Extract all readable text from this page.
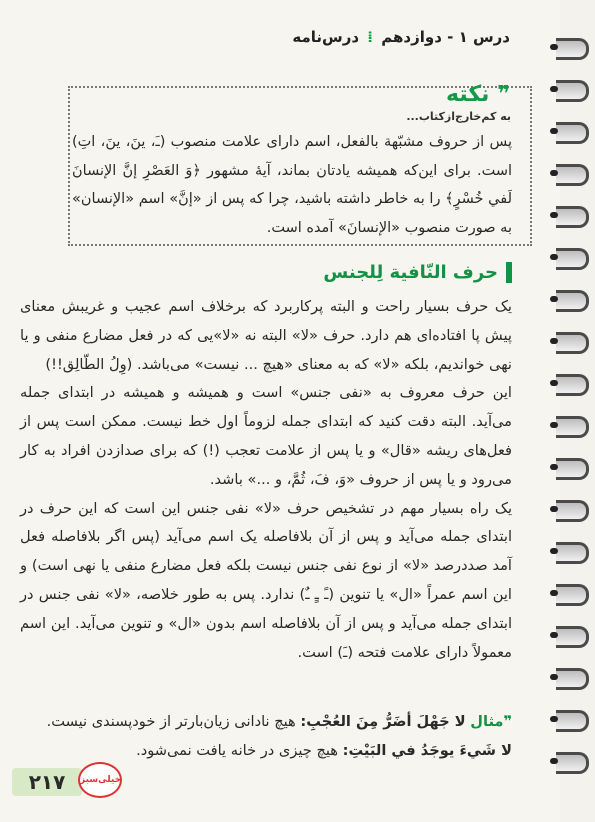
درس ۱ - دوازدهم ⁞ درس‌نامه
❞ نکته
به کم‌خارج‌ازکتاب...
پس از حروف مشبّهة بالفعل، اسم دارای علامت منصوب (ـَ، ينَ، ينَ، اتِ) است. برای این‌که همیشه یادتان بماند، آیهٔ مشهور ﴿وَ العَصْرِ إنَّ الإنسانَ لَفي خُسْرٍ﴾ را به خاطر داشته باشید، چرا که پس از «إنَّ» اسم «الإنسان» به صورت منصوب «الإنسانَ» آمده است.
حرف النّافية لِلجنس

یک حرف بسیار راحت و البته پرکاربرد که برخلاف اسم عجیب و غریبش معنای پیش پا افتاده‌ای هم دارد. حرف «لا» البته نه «لا»یی که در فعل مضارع منفی و یا نهی خواندیم، بلکه «لا» که به معنای «هیچ ... نیست» می‌باشد. (وِلُ الطّالِق!!)

این حرف معروف به «نفی جنس» است و همیشه و همیشه در ابتدای جمله می‌آید. البته دقت کنید که ابتدای جمله لزوماً اول خط نیست. ممکن است پس از فعل‌های ریشه «قال» و یا پس از علامت تعجب (!) که برای صدازدن افراد به کار می‌رود و یا پس از حروف «وَ، فَ، ثُمَّ، و ...» باشد.

یک راه بسیار مهم در تشخیص حرف «لا» نفی جنس این است که این حرف در ابتدای جمله می‌آید و پس از آن بلافاصله یک اسم می‌آید (پس اگر بلافاصله فعل آمد صددرصد «لا» از نوع نفی جنس نیست بلکه فعل مضارع منفی یا نهی است) و این اسم عمراً «ال» یا تنوین (ـً ـٍ ـٌ) ندارد. پس به طور خلاصه، «لا» نفی جنس در ابتدای جمله می‌آید و پس از آن بلافاصله اسم بدون «ال» و تنوین می‌آید. این اسم معمولاً دارای علامت فتحه (ـَ) است.

❞مثال لا جَهْلَ أضَرُّ مِنَ العُجْبِ: هیچ نادانی زیان‌بارتر از خودپسندی نیست.
لا شَيءَ يوجَدُ في البَيْتِ: هیچ چیزی در خانه یافت نمی‌شود.
۲۱۷	خیلی‌سبز
